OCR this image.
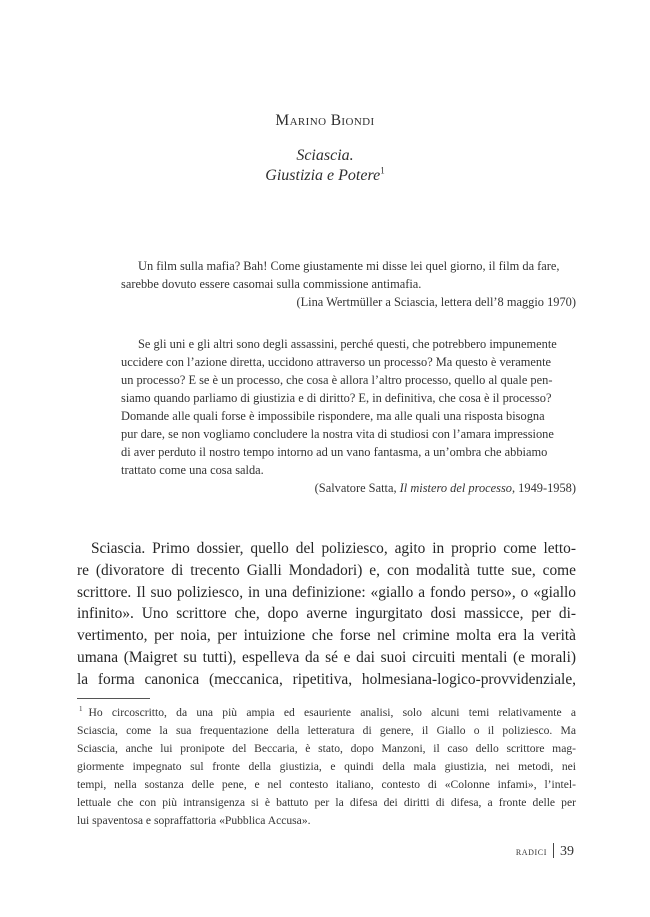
Marino Biondi
Sciascia.
Giustizia e Potere$^1$
Un film sulla mafia? Bah! Come giustamente mi disse lei quel giorno, il film da fare,
sarebbe dovuto essere casomai sulla commissione antimafia.
(Lina Wertmüller a Sciascia, lettera dell’8 maggio 1970)
Se gli uni e gli altri sono degli assassini, perché questi, che potrebbero impunemente
uccidere con l’azione diretta, uccidono attraverso un processo? Ma questo è veramente
un processo? E se è un processo, che cosa è allora l’altro processo, quello al quale pen-
siamo quando parliamo di giustizia e di diritto? E, in definitiva, che cosa è il processo?
Domande alle quali forse è impossibile rispondere, ma alle quali una risposta bisogna
pur dare, se non vogliamo concludere la nostra vita di studiosi con l’amara impressione
di aver perduto il nostro tempo intorno ad un vano fantasma, a un’ombra che abbiamo
trattato come una cosa salda.
(Salvatore Satta, Il mistero del processo, 1949-1958)
Sciascia. Primo dossier, quello del poliziesco, agito in proprio come letto-
re (divoratore di trecento Gialli Mondadori) e, con modalità tutte sue, come
scrittore. Il suo poliziesco, in una definizione: «giallo a fondo perso», o «giallo
infinito». Uno scrittore che, dopo averne ingurgitato dosi massicce, per di-
vertimento, per noia, per intuizione che forse nel crimine molta era la verità
umana (Maigret su tutti), espelleva da sé e dai suoi circuiti mentali (e morali)
la forma canonica (meccanica, ripetitiva, holmesiana-logico-provvidenziale,
$^1$ Ho circoscritto, da una più ampia ed esauriente analisi, solo alcuni temi relativamente a
Sciascia, come la sua frequentazione della letteratura di genere, il Giallo o il poliziesco. Ma
Sciascia, anche lui pronipote del Beccaria, è stato, dopo Manzoni, il caso dello scrittore mag-
giormente impegnato sul fronte della giustizia, e quindi della mala giustizia, nei metodi, nei
tempi, nella sostanza delle pene, e nel contesto italiano, contesto di «Colonne infami», l’intel-
lettuale che con più intransigenza si è battuto per la difesa dei diritti di difesa, a fronte delle per
lui spaventosa e sopraffattoria «Pubblica Accusa».
radici 39
